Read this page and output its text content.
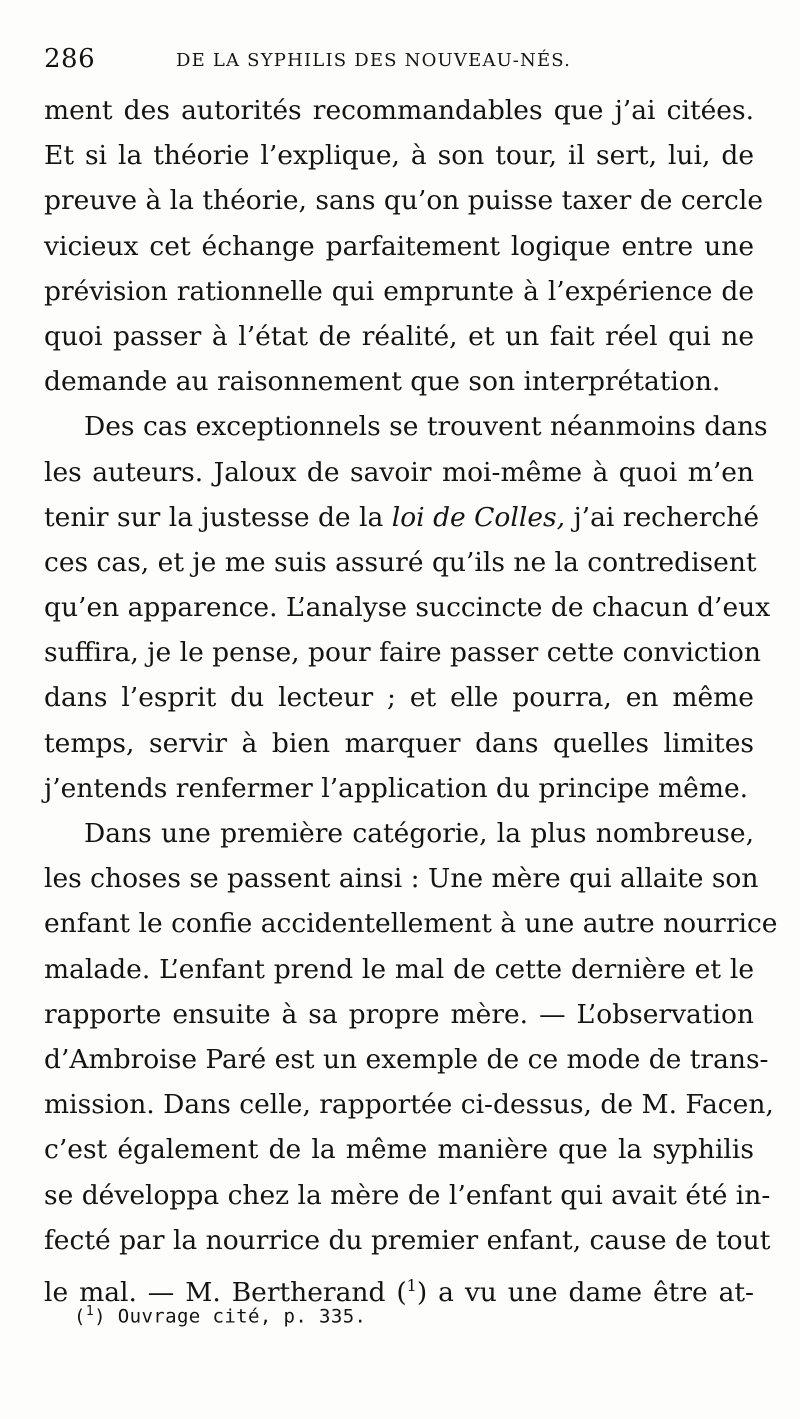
286	DE LA SYPHILIS DES NOUVEAU-NÉS.
ment des autorités recommandables que j’ai citées.
Et si la théorie l’explique, à son tour, il sert, lui, de
preuve à la théorie, sans qu’on puisse taxer de cercle
vicieux cet échange parfaitement logique entre une
prévision rationnelle qui emprunte à l’expérience de
quoi passer à l’état de réalité, et un fait réel qui ne
demande au raisonnement que son interprétation.
Des cas exceptionnels se trouvent néanmoins dans
les auteurs. Jaloux de savoir moi-même à quoi m’en
tenir sur la justesse de la loi de Colles, j’ai recherché
ces cas, et je me suis assuré qu’ils ne la contredisent
qu’en apparence. L’analyse succincte de chacun d’eux
suffira, je le pense, pour faire passer cette conviction
dans l’esprit du lecteur ; et elle pourra, en même
temps, servir à bien marquer dans quelles limites
j’entends renfermer l’application du principe même.
Dans une première catégorie, la plus nombreuse,
les choses se passent ainsi : Une mère qui allaite son
enfant le confie accidentellement à une autre nourrice
malade. L’enfant prend le mal de cette dernière et le
rapporte ensuite à sa propre mère. — L’observation
d’Ambroise Paré est un exemple de ce mode de trans-
mission. Dans celle, rapportée ci-dessus, de M. Facen,
c’est également de la même manière que la syphilis
se développa chez la mère de l’enfant qui avait été in-
fecté par la nourrice du premier enfant, cause de tout
le mal. — M. Bertherand ($^1$) a vu une dame être at-
($^1$) Ouvrage cité, p. 335.
